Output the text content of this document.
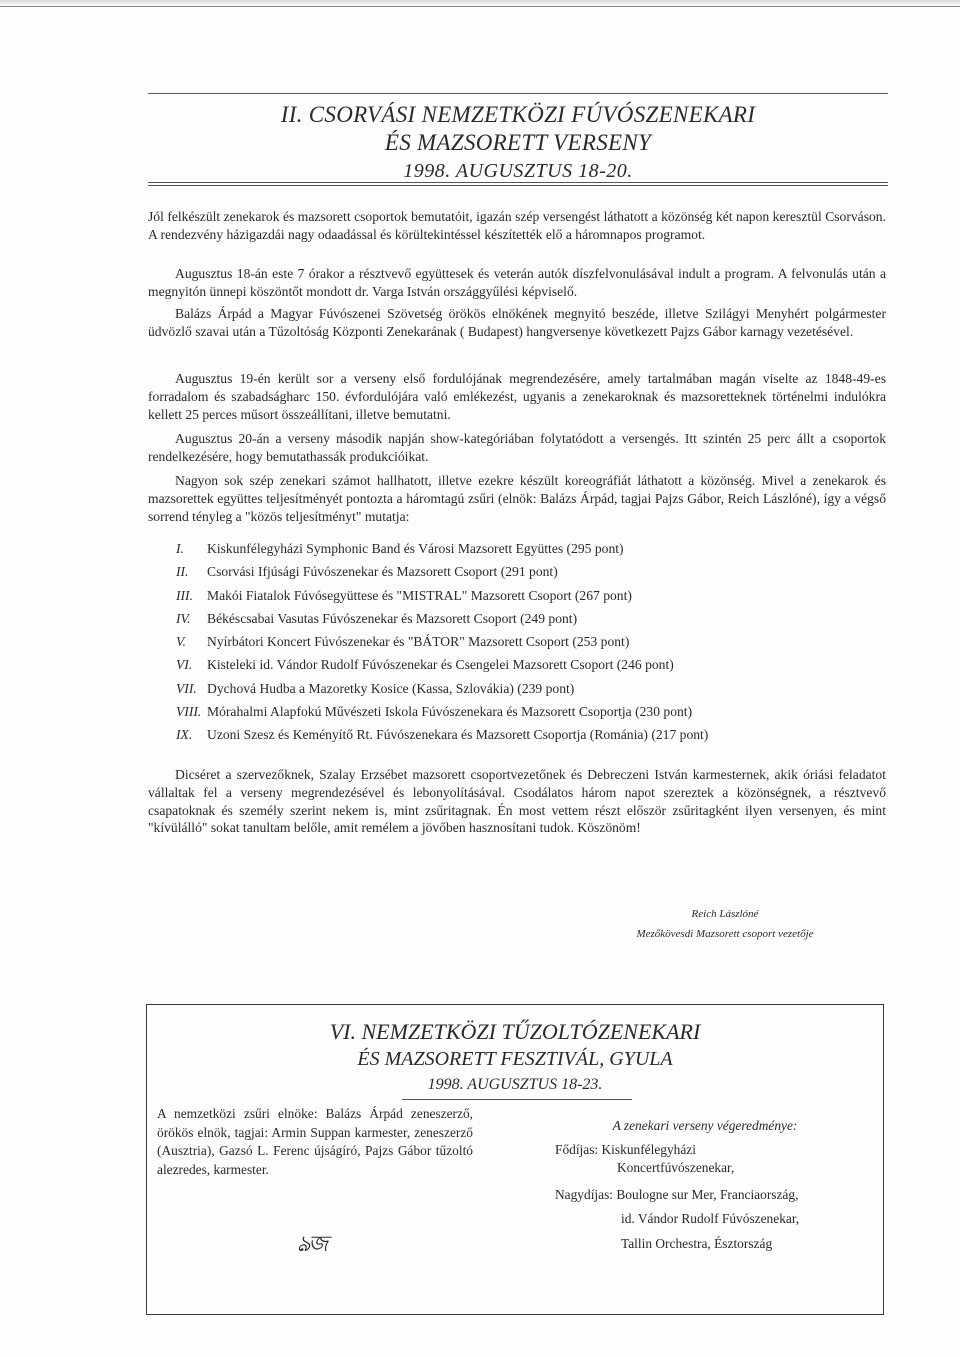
II. CSORVÁSI NEMZETKÖZI FÚVÓSZENEKARI
ÉS MAZSORETT VERSENY
1998. AUGUSZTUS 18-20.

Jól felkészült zenekarok és mazsorett csoportok bemutatóit, igazán szép versengést láthatott a közönség két napon keresztül Csorváson. A rendezvény házigazdái nagy odaadással és körültekintéssel készítették elő a háromnapos programot.

Augusztus 18-án este 7 órakor a résztvevő együttesek és veterán autók díszfelvonulásával indult a program. A felvonulás után a megnyitón ünnepi köszöntőt mondott dr. Varga István országgyűlési képviselő.

Balázs Árpád a Magyar Fúvószenei Szövetség örökös elnökének megnyitó beszéde, illetve Szilágyi Menyhért polgármester üdvözlő szavai után a Tűzoltóság Központi Zenekarának ( Budapest) hangversenye következett Pajzs Gábor karnagy vezetésével.

Augusztus 19-én került sor a verseny első fordulójának megrendezésére, amely tartalmában magán viselte az 1848-49-es forradalom és szabadságharc 150. évfordulójára való emlékezést, ugyanis a zenekaroknak és mazsoretteknek történelmi indulókra kellett 25 perces műsort összeállítani, illetve bemutatni.

Augusztus 20-án a verseny második napján show-kategóriában folytatódott a versengés. Itt szintén 25 perc állt a csoportok rendelkezésére, hogy bemutathassák produkcióikat.

Nagyon sok szép zenekari számot hallhatott, illetve ezekre készült koreográfiát láthatott a közönség. Mivel a zenekarok és mazsorettek együttes teljesítményét pontozta a háromtagú zsűri (elnök: Balázs Árpád, tagjai Pajzs Gábor, Reich Lászlóné), így a végső sorrend tényleg a "közös teljesítményt" mutatja:

I. Kiskunfélegyházi Symphonic Band és Városi Mazsorett Együttes (295 pont)
II. Csorvási Ifjúsági Fúvószenekar és Mazsorett Csoport (291 pont)
III. Makói Fiatalok Fúvósegyüttese és "MISTRAL" Mazsorett Csoport (267 pont)
IV. Békéscsabai Vasutas Fúvószenekar és Mazsorett Csoport (249 pont)
V. Nyírbátori Koncert Fúvószenekar és "BÁTOR" Mazsorett Csoport (253 pont)
VI. Kisteleki id. Vándor Rudolf Fúvószenekar és Csengelei Mazsorett Csoport (246 pont)
VII. Dychová Hudba a Mazoretky Kosice (Kassa, Szlovákia) (239 pont)
VIII. Mórahalmi Alapfokú Művészeti Iskola Fúvószenekara és Mazsorett Csoportja (230 pont)
IX. Uzoni Szesz és Keményítő Rt. Fúvószenekara és Mazsorett Csoportja (Románia) (217 pont)

Dicséret a szervezőknek, Szalay Erzsébet mazsorett csoportvezetőnek és Debreczeni István karmesternek, akik óriási feladatot vállaltak fel a verseny megrendezésével és lebonyolításával. Csodálatos három napot szereztek a közönségnek, a résztvevő csapatoknak és személy szerint nekem is, mint zsűritagnak. Én most vettem részt először zsűritagként ilyen versenyen, és mint "kívülálló" sokat tanultam belőle, amit remélem a jövőben hasznosítani tudok. Köszönöm!

Reich Lászlóné
Mezőkövesdi Mazsorett csoport vezetője
VI. NEMZETKÖZI TŰZOLTÓZENEKARI
ÉS MAZSORETT FESZTIVÁL, GYULA
1998. AUGUSZTUS 18-23.
A nemzetközi zsűri elnöke: Balázs Árpád zeneszerző, örökös elnök, tagjai: Armin Suppan karmester, zeneszerző (Ausztria), Gazsó L. Ferenc újságíró, Pajzs Gábor tűzoltó alezredes, karmester.
ঌজ
A zenekari verseny végeredménye:
Fődíjas: Kiskunfélegyházi
Koncertfúvószenekar,
Nagydíjas: Boulogne sur Mer, Franciaország,
id. Vándor Rudolf Fúvószenekar,
Tallin Orchestra, Észtország
